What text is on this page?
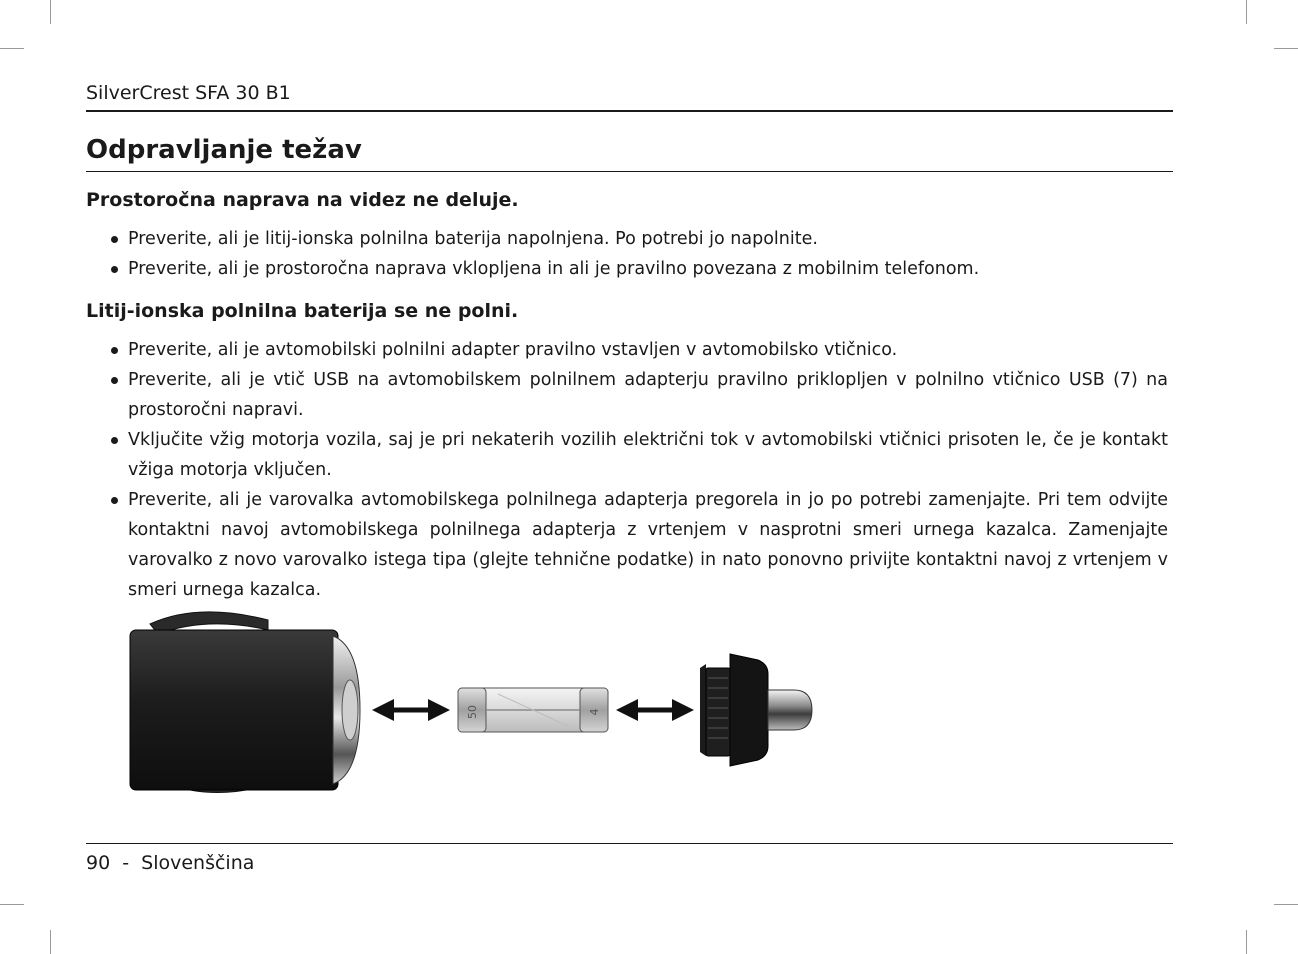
SilverCrest SFA 30 B1
Odpravljanje težav
Prostoročna naprava na videz ne deluje.
Preverite, ali je litij-ionska polnilna baterija napolnjena. Po potrebi jo napolnite.
Preverite, ali je prostoročna naprava vklopljena in ali je pravilno povezana z mobilnim telefonom.
Litij-ionska polnilna baterija se ne polni.
Preverite, ali je avtomobilski polnilni adapter pravilno vstavljen v avtomobilsko vtičnico.
Preverite, ali je vtič USB na avtomobilskem polnilnem adapterju pravilno priklopljen v polnilno vtičnico USB (7) na prostoročni napravi.
Vključite vžig motorja vozila, saj je pri nekaterih vozilih električni tok v avtomobilski vtičnici prisoten le, če je kontakt vžiga motorja vključen.
Preverite, ali je varovalka avtomobilskega polnilnega adapterja pregorela in jo po potrebi zamenjajte. Pri tem odvijte kontaktni navoj avtomobilskega polnilnega adapterja z vrtenjem v nasprotni smeri urnega kazalca. Zamenjajte varovalko z novo varovalko istega tipa (glejte tehnične podatke) in nato ponovno privijte kontaktni navoj z vrtenjem v smeri urnega kazalca.
50	4
90 - Slovenščina
